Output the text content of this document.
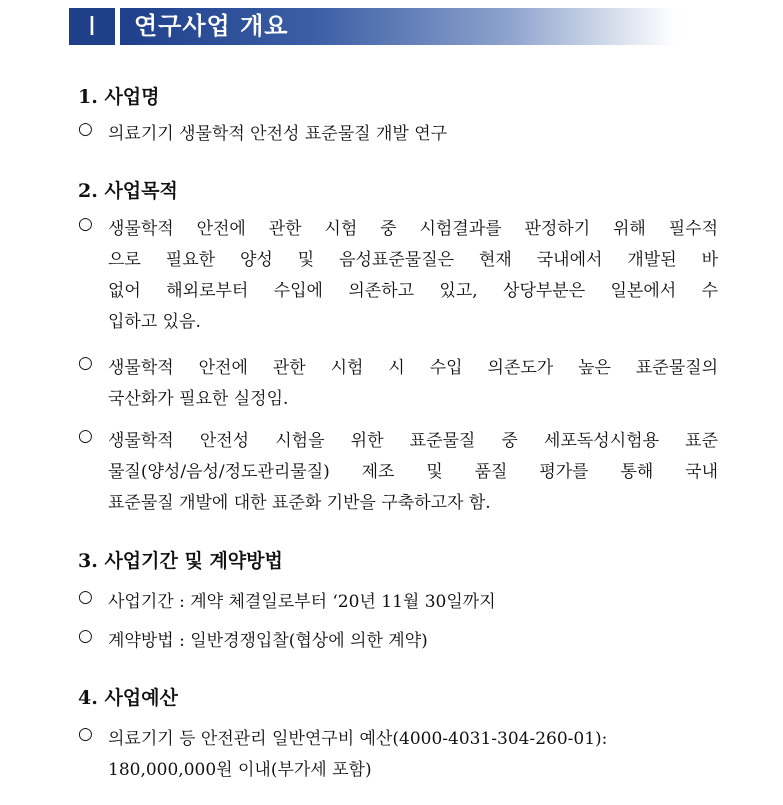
Ⅰ	연구사업 개요
1. 사업명
○ 의료기기 생물학적 안전성 표준물질 개발 연구
2. 사업목적
○ 생물학적 안전에 관한 시험 중 시험결과를 판정하기 위해 필수적
으로 필요한 양성 및 음성표준물질은 현재 국내에서 개발된 바
없어 해외로부터 수입에 의존하고 있고, 상당부분은 일본에서 수
입하고 있음.
○ 생물학적 안전에 관한 시험 시 수입 의존도가 높은 표준물질의
국산화가 필요한 실정임.
○ 생물학적 안전성 시험을 위한 표준물질 중 세포독성시험용 표준
물질(양성/음성/정도관리물질) 제조 및 품질 평가를 통해 국내
표준물질 개발에 대한 표준화 기반을 구축하고자 함.
3. 사업기간 및 계약방법
○ 사업기간 : 계약 체결일로부터 ‘20년 11월 30일까지
○ 계약방법 : 일반경쟁입찰(협상에 의한 계약)
4. 사업예산
○ 의료기기 등 안전관리 일반연구비 예산(4000-4031-304-260-01):
180,000,000원 이내(부가세 포함)
